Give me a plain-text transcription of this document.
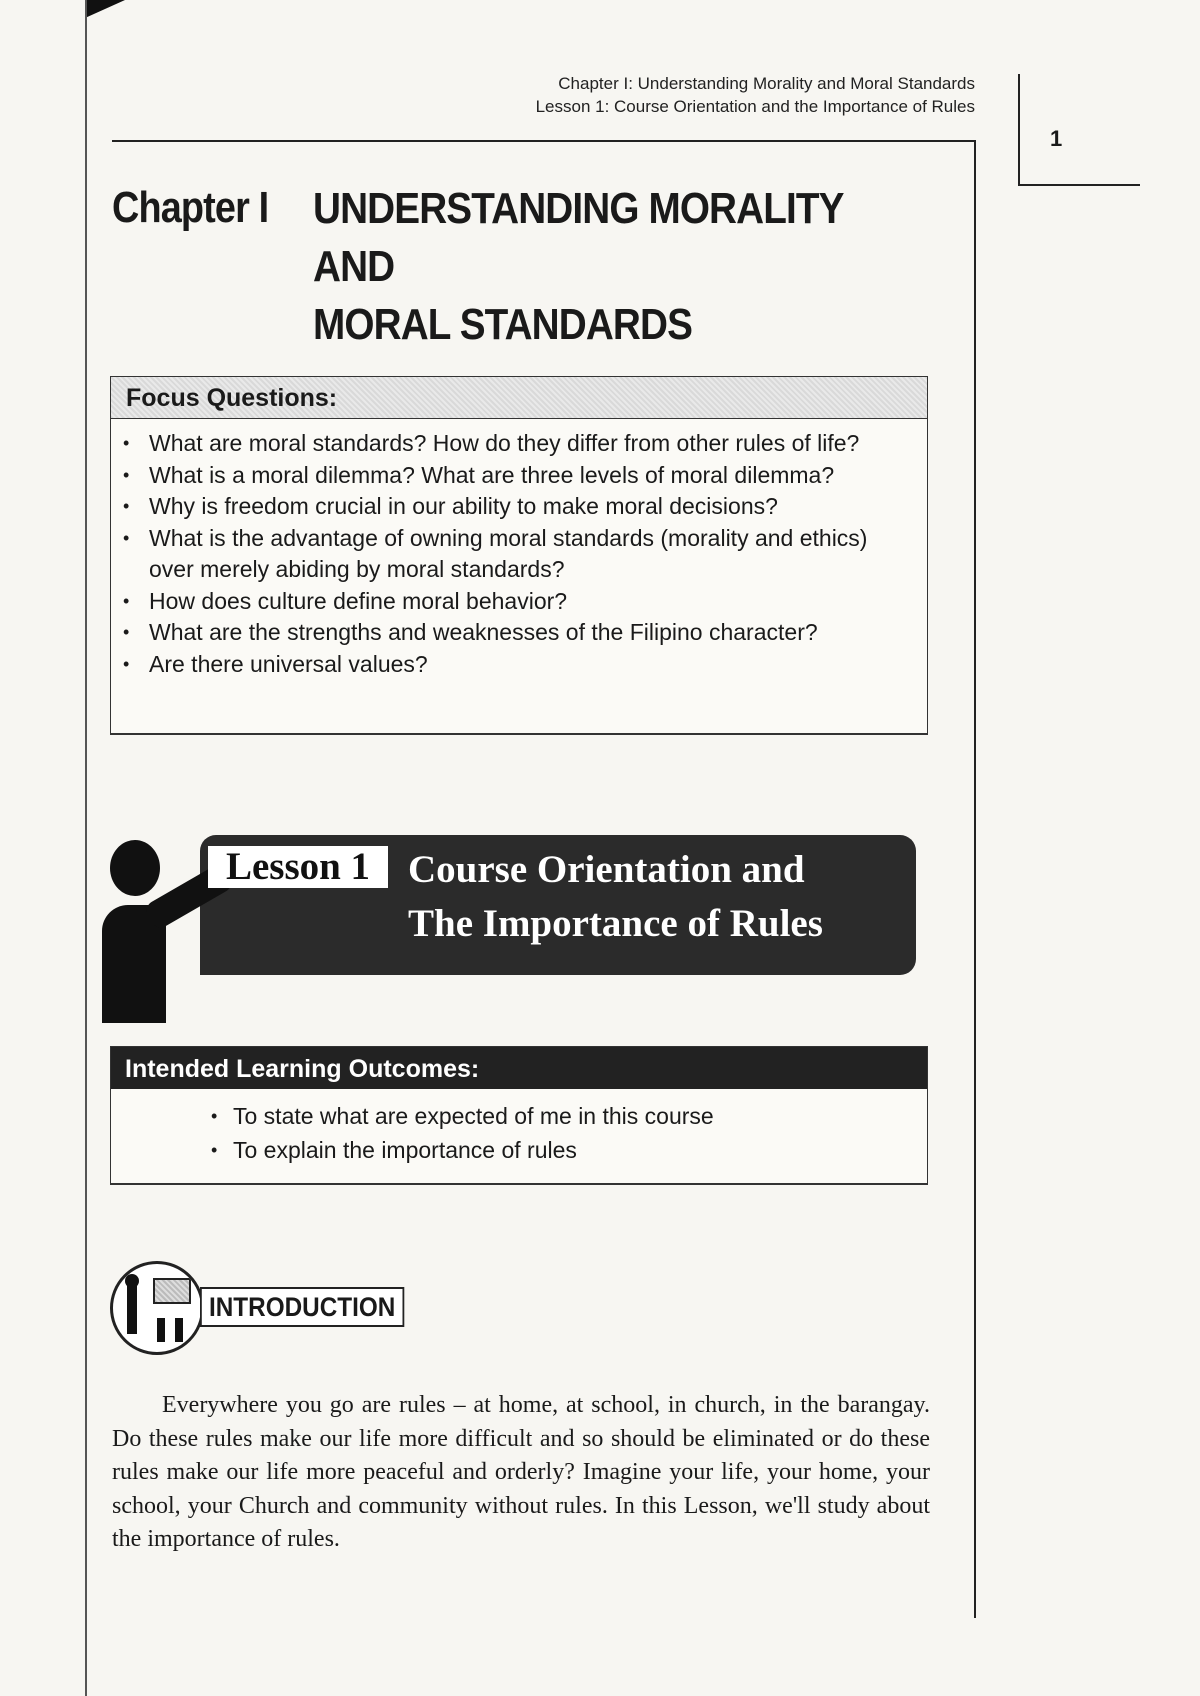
Chapter I: Understanding Morality and Moral Standards
Lesson 1: Course Orientation and the Importance of Rules
1
Chapter I UNDERSTANDING MORALITY AND
MORAL STANDARDS
Focus Questions:
• What are moral standards? How do they differ from other rules of life?
• What is a moral dilemma? What are three levels of moral dilemma?
• Why is freedom crucial in our ability to make moral decisions?
• What is the advantage of owning moral standards (morality and ethics) over merely abiding by moral standards?
• How does culture define moral behavior?
• What are the strengths and weaknesses of the Filipino character?
• Are there universal values?
Lesson 1 Course Orientation and
The Importance of Rules
Intended Learning Outcomes:
• To state what are expected of me in this course
• To explain the importance of rules
INTRODUCTION

Everywhere you go are rules – at home, at school, in church, in the barangay. Do these rules make our life more difficult and so should be eliminated or do these rules make our life more peaceful and orderly? Imagine your life, your home, your school, your Church and community without rules. In this Lesson, we'll study about the importance of rules.
